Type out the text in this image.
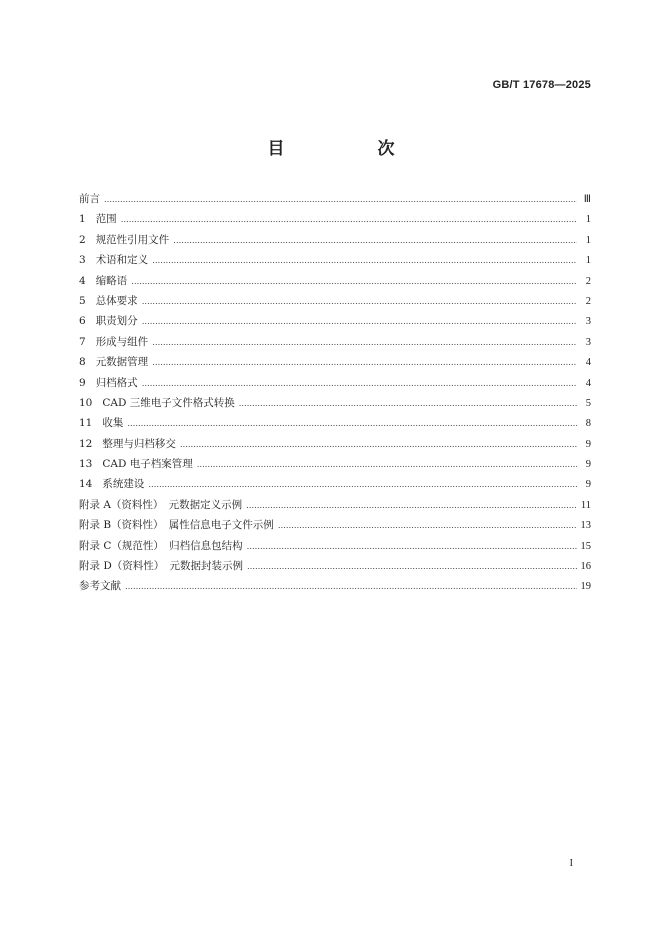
GB/T 17678—2025
目　次
前言 ……………………………………………………………………………………………………………………………………………………………………………………………………	Ⅲ
1 范围 ……………………………………………………………………………………………………………………………………………………………………………………………………	1
2 规范性引用文件 ……………………………………………………………………………………………………………………………………………………………………………………………………	1
3 术语和定义 ……………………………………………………………………………………………………………………………………………………………………………………………………	1
4 缩略语 ……………………………………………………………………………………………………………………………………………………………………………………………………	2
5 总体要求 ……………………………………………………………………………………………………………………………………………………………………………………………………	2
6 职责划分 ……………………………………………………………………………………………………………………………………………………………………………………………………	3
7 形成与组件 ……………………………………………………………………………………………………………………………………………………………………………………………………	3
8 元数据管理 ……………………………………………………………………………………………………………………………………………………………………………………………………	4
9 归档格式 ……………………………………………………………………………………………………………………………………………………………………………………………………	4
10 CAD 三维电子文件格式转换 ……………………………………………………………………………………………………………………………………………………………………………………………………	5
11 收集 ……………………………………………………………………………………………………………………………………………………………………………………………………	8
12 整理与归档移交 ……………………………………………………………………………………………………………………………………………………………………………………………………	9
13 CAD 电子档案管理 ……………………………………………………………………………………………………………………………………………………………………………………………………	9
14 系统建设 ……………………………………………………………………………………………………………………………………………………………………………………………………	9
附录 A（资料性）　元数据定义示例 ……………………………………………………………………………………………………………………………………………………………………………………………………	11
附录 B（资料性）　属性信息电子文件示例 ……………………………………………………………………………………………………………………………………………………………………………………………………	13
附录 C（规范性）　归档信息包结构 ……………………………………………………………………………………………………………………………………………………………………………………………………	15
附录 D（资料性）　元数据封装示例 ……………………………………………………………………………………………………………………………………………………………………………………………………	16
参考文献 ……………………………………………………………………………………………………………………………………………………………………………………………………	19
I
